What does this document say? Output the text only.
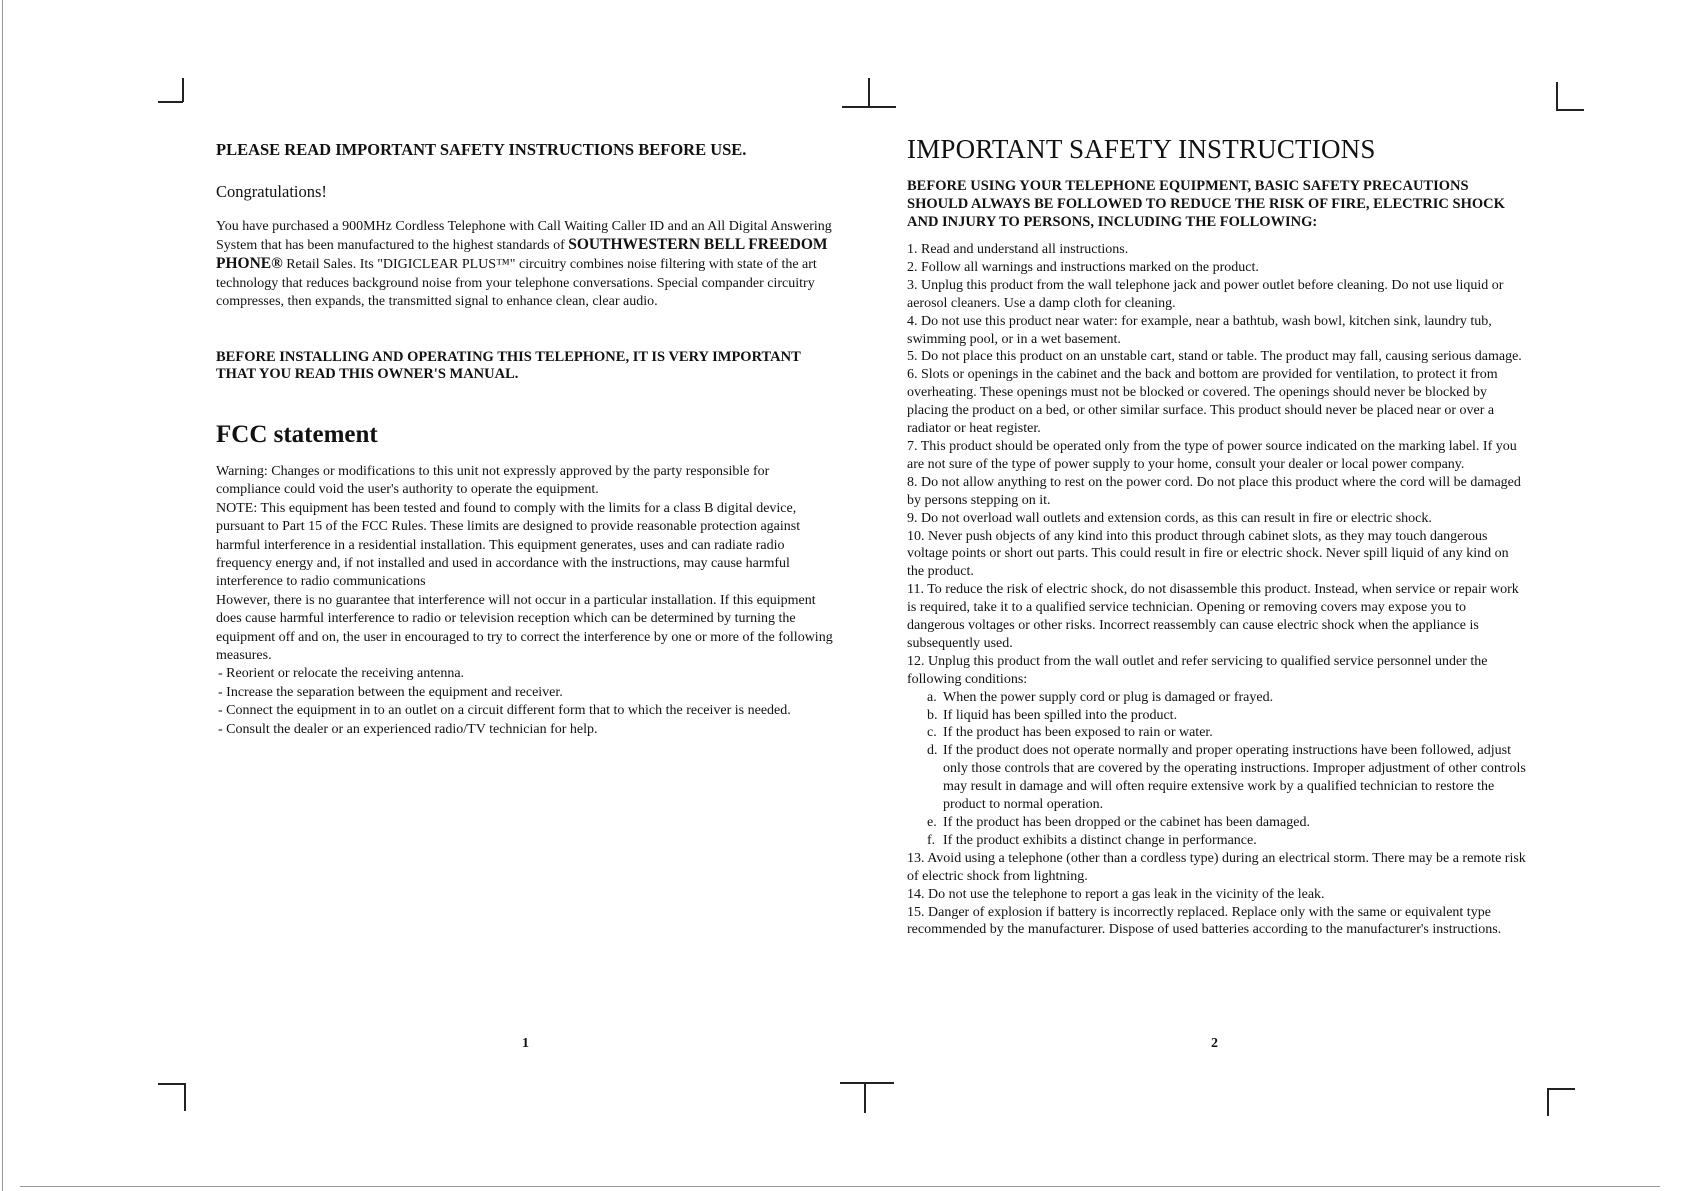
PLEASE READ IMPORTANT SAFETY INSTRUCTIONS BEFORE USE.

Congratulations!

You have purchased a 900MHz Cordless Telephone with Call Waiting Caller ID and an All Digital Answering System that has been manufactured to the highest standards of SOUTHWESTERN BELL FREEDOM PHONE® Retail Sales. Its "DIGICLEAR PLUS™" circuitry combines noise filtering with state of the art technology that reduces background noise from your telephone conversations. Special compander circuitry compresses, then expands, the transmitted signal to enhance clean, clear audio.

BEFORE INSTALLING AND OPERATING THIS TELEPHONE, IT IS VERY IMPORTANT THAT YOU READ THIS OWNER'S MANUAL.

FCC statement

Warning: Changes or modifications to this unit not expressly approved by the party responsible for compliance could void the user's authority to operate the equipment.

NOTE: This equipment has been tested and found to comply with the limits for a class B digital device, pursuant to Part 15 of the FCC Rules. These limits are designed to provide reasonable protection against harmful interference in a residential installation. This equipment generates, uses and can radiate radio frequency energy and, if not installed and used in accordance with the instructions, may cause harmful interference to radio communications

However, there is no guarantee that interference will not occur in a particular installation. If this equipment does cause harmful interference to radio or television reception which can be determined by turning the equipment off and on, the user in encouraged to try to correct the interference by one or more of the following measures.

- Reorient or relocate the receiving antenna.
- Increase the separation between the equipment and receiver.
- Connect the equipment in to an outlet on a circuit different form that to which the receiver is needed.
- Consult the dealer or an experienced radio/TV technician for help.
1
IMPORTANT SAFETY INSTRUCTIONS

BEFORE USING YOUR TELEPHONE EQUIPMENT, BASIC SAFETY PRECAUTIONS SHOULD ALWAYS BE FOLLOWED TO REDUCE THE RISK OF FIRE, ELECTRIC SHOCK AND INJURY TO PERSONS, INCLUDING THE FOLLOWING:

1. Read and understand all instructions.
2. Follow all warnings and instructions marked on the product.
3. Unplug this product from the wall telephone jack and power outlet before cleaning. Do not use liquid or aerosol cleaners. Use a damp cloth for cleaning.
4. Do not use this product near water: for example, near a bathtub, wash bowl, kitchen sink, laundry tub, swimming pool, or in a wet basement.
5. Do not place this product on an unstable cart, stand or table. The product may fall, causing serious damage.
6. Slots or openings in the cabinet and the back and bottom are provided for ventilation, to protect it from overheating. These openings must not be blocked or covered. The openings should never be blocked by placing the product on a bed, or other similar surface. This product should never be placed near or over a radiator or heat register.
7. This product should be operated only from the type of power source indicated on the marking label. If you are not sure of the type of power supply to your home, consult your dealer or local power company.
8. Do not allow anything to rest on the power cord. Do not place this product where the cord will be damaged by persons stepping on it.
9. Do not overload wall outlets and extension cords, as this can result in fire or electric shock.
10. Never push objects of any kind into this product through cabinet slots, as they may touch dangerous voltage points or short out parts. This could result in fire or electric shock. Never spill liquid of any kind on the product.
11. To reduce the risk of electric shock, do not disassemble this product. Instead, when service or repair work is required, take it to a qualified service technician. Opening or removing covers may expose you to dangerous voltages or other risks. Incorrect reassembly can cause electric shock when the appliance is subsequently used.
12. Unplug this product from the wall outlet and refer servicing to qualified service personnel under the following conditions:
a. When the power supply cord or plug is damaged or frayed.
b. If liquid has been spilled into the product.
c. If the product has been exposed to rain or water.
d. If the product does not operate normally and proper operating instructions have been followed, adjust only those controls that are covered by the operating instructions. Improper adjustment of other controls may result in damage and will often require extensive work by a qualified technician to restore the product to normal operation.
e. If the product has been dropped or the cabinet has been damaged.
f. If the product exhibits a distinct change in performance.
13. Avoid using a telephone (other than a cordless type) during an electrical storm. There may be a remote risk of electric shock from lightning.
14. Do not use the telephone to report a gas leak in the vicinity of the leak.
15. Danger of explosion if battery is incorrectly replaced. Replace only with the same or equivalent type recommended by the manufacturer. Dispose of used batteries according to the manufacturer's instructions.
2
